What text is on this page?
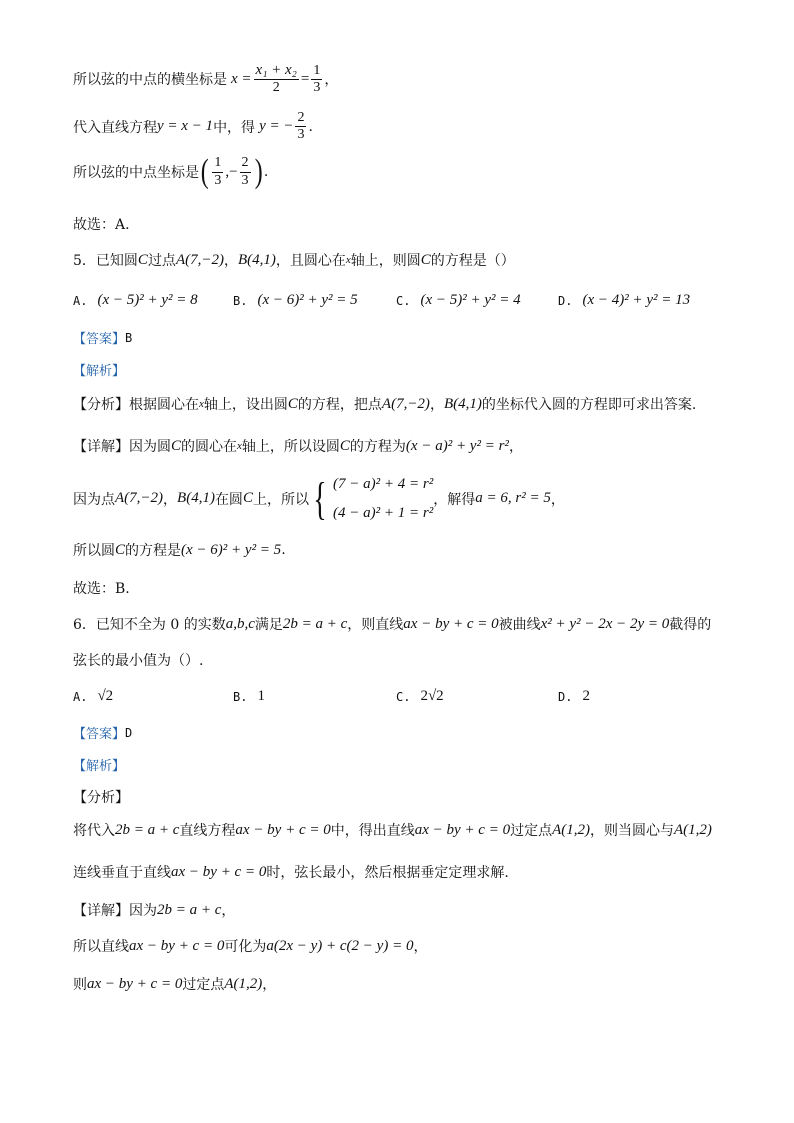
所以弦的中点的横坐标是 $x = \frac{\text{x₁ + x₂}}{2} = \frac{1}{3}$ ，
代入直线方程 y = x − 1 中，得 y = − $\frac{2}{3}$ .
所以弦的中点坐标是 ( $\frac{1}{3}$ ,− $\frac{2}{3}$ ) .
故选：A.
5．已知圆 C 过点 A(7,−2) ， B(4,1) ，且圆心在 x 轴上，则圆 C 的方程是（）
A. (x − 5)² + y² = 8	B. (x − 6)² + y² = 5	C. (x − 5)² + y² = 4	D. (x − 4)² + y² = 13
【答案】 B
【解析】
【分析】 根据圆心在 x 轴上，设出圆 C 的方程，把点 A(7,−2) ， B(4,1) 的坐标代入圆的方程即可求出答案.
【详解】 因为圆 C 的圆心在 x 轴上，所以设圆 C 的方程为 (x − a)² + y² = r² ，
因为点 A(7,−2) ， B(4,1) 在圆 C 上，所以 { (7 − a)² + 4 = r²
(4 − a)² + 1 = r²
，解得 a = 6, r² = 5 ，
所以圆 C 的方程是 (x − 6)² + y² = 5 .
故选：B.
6．已知不全为 0 的实数 a,b,c 满足 2b = a + c ，则直线 ax − by + c = 0 被曲线 x² + y² − 2x − 2y = 0 截得的
弦长的最小值为（）.
A. √2	B. 1	C. 2√2	D. 2
【答案】 D
【解析】
【分析】
将代入 2b = a + c 直线方程 ax − by + c = 0 中，得出直线 ax − by + c = 0 过定点 A(1,2) ，则当圆心与 A(1,2)
连线垂直于直线 ax − by + c = 0 时，弦长最小，然后根据垂定定理求解.
【详解】 因为 2b = a + c ，
所以直线 ax − by + c = 0 可化为 a(2x − y) + c(2 − y) = 0 ，
则 ax − by + c = 0 过定点 A(1,2) ，
